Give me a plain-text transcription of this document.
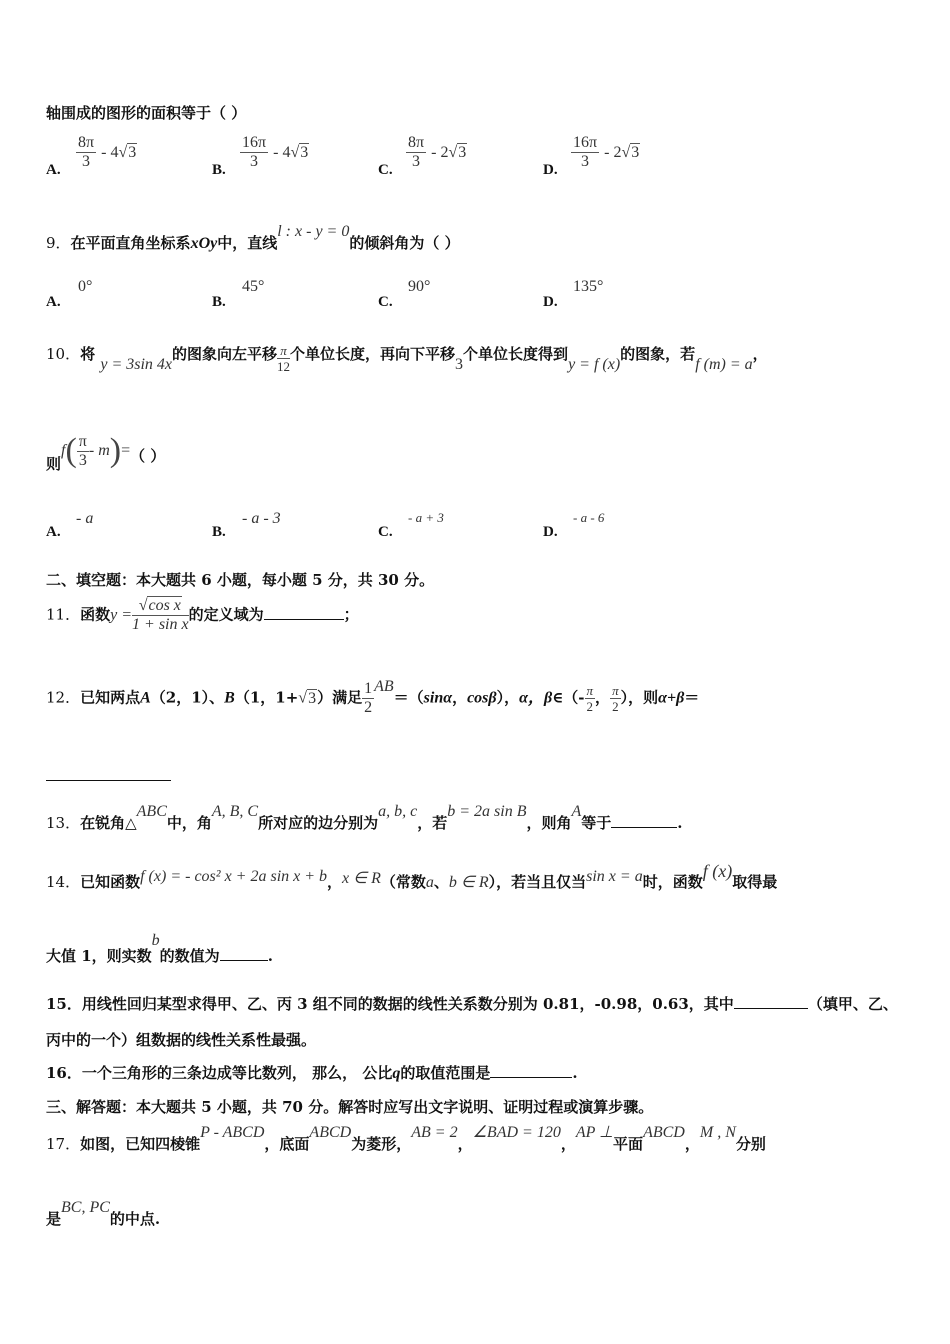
轴围成的图形的面积等于（ ）
A. $\frac{8\pi}{3} - 4√3$
B. $\frac{16\pi}{3} - 4√3$
C. $\frac{8\pi}{3} - 2√3$
D. $\frac{16\pi}{3} - 2√3$
9．在平面直角坐标系xOy中，直线l : x - y = 0的倾斜角为（ ）
A.
0°
B.
45°
C.
90°
D.
135°
10．将 y = 3sin 4x的图象向左平移 $\frac{\pi}{12}$ 个单位长度，再向下平移3个单位长度得到y = f (x)的图象，若f (m) = a，
则$f( \frac{\pi}{3} - m)=$（ ）
A.
- a
B.
- a - 3
C.
- a + 3
D.
- a - 6
二、填空题：本大题共 6 小题，每小题 5 分，共 30 分。
11．函数$y = \frac{\text{√cos x}}{\text{1 + sin x}}$ 的定义域为	；
12．已知两点A（2，1）、B（1，1+√3）满足 $\frac{1}{2} AB=(\sin\alpha$，cosβ），α，β∈（- $\frac{\pi}{2}$ ， $\frac{\pi}{2}$ ），则α+β＝
13．在锐角△ABC中，角A, B, C所对应的边分别为a, b, c，若b = 2a sin B，则角A等于	.
14．已知函数f (x) = - cos² x + 2a sin x + b，x ∈ R（常数a、b ∈ R），若当且仅当sin x = a时，函数f (x)取得最
大值 1，则实数b的数值为	.
15．用线性回归某型求得甲、乙、丙 3 组不同的数据的线性关系数分别为 0.81，-0.98，0.63，其中	（填甲、乙、
丙中的一个）组数据的线性关系性最强。
16．一个三角形的三条边成等比数列， 那么， 公比q的取值范围是	.
三、解答题：本大题共 5 小题，共 70 分。解答时应写出文字说明、证明过程或演算步骤。
17．如图，已知四棱锥P - ABCD，底面ABCD为菱形，AB = 2，∠BAD = 120，AP ⊥平面ABCD，M , N分别
是BC, PC的中点.
